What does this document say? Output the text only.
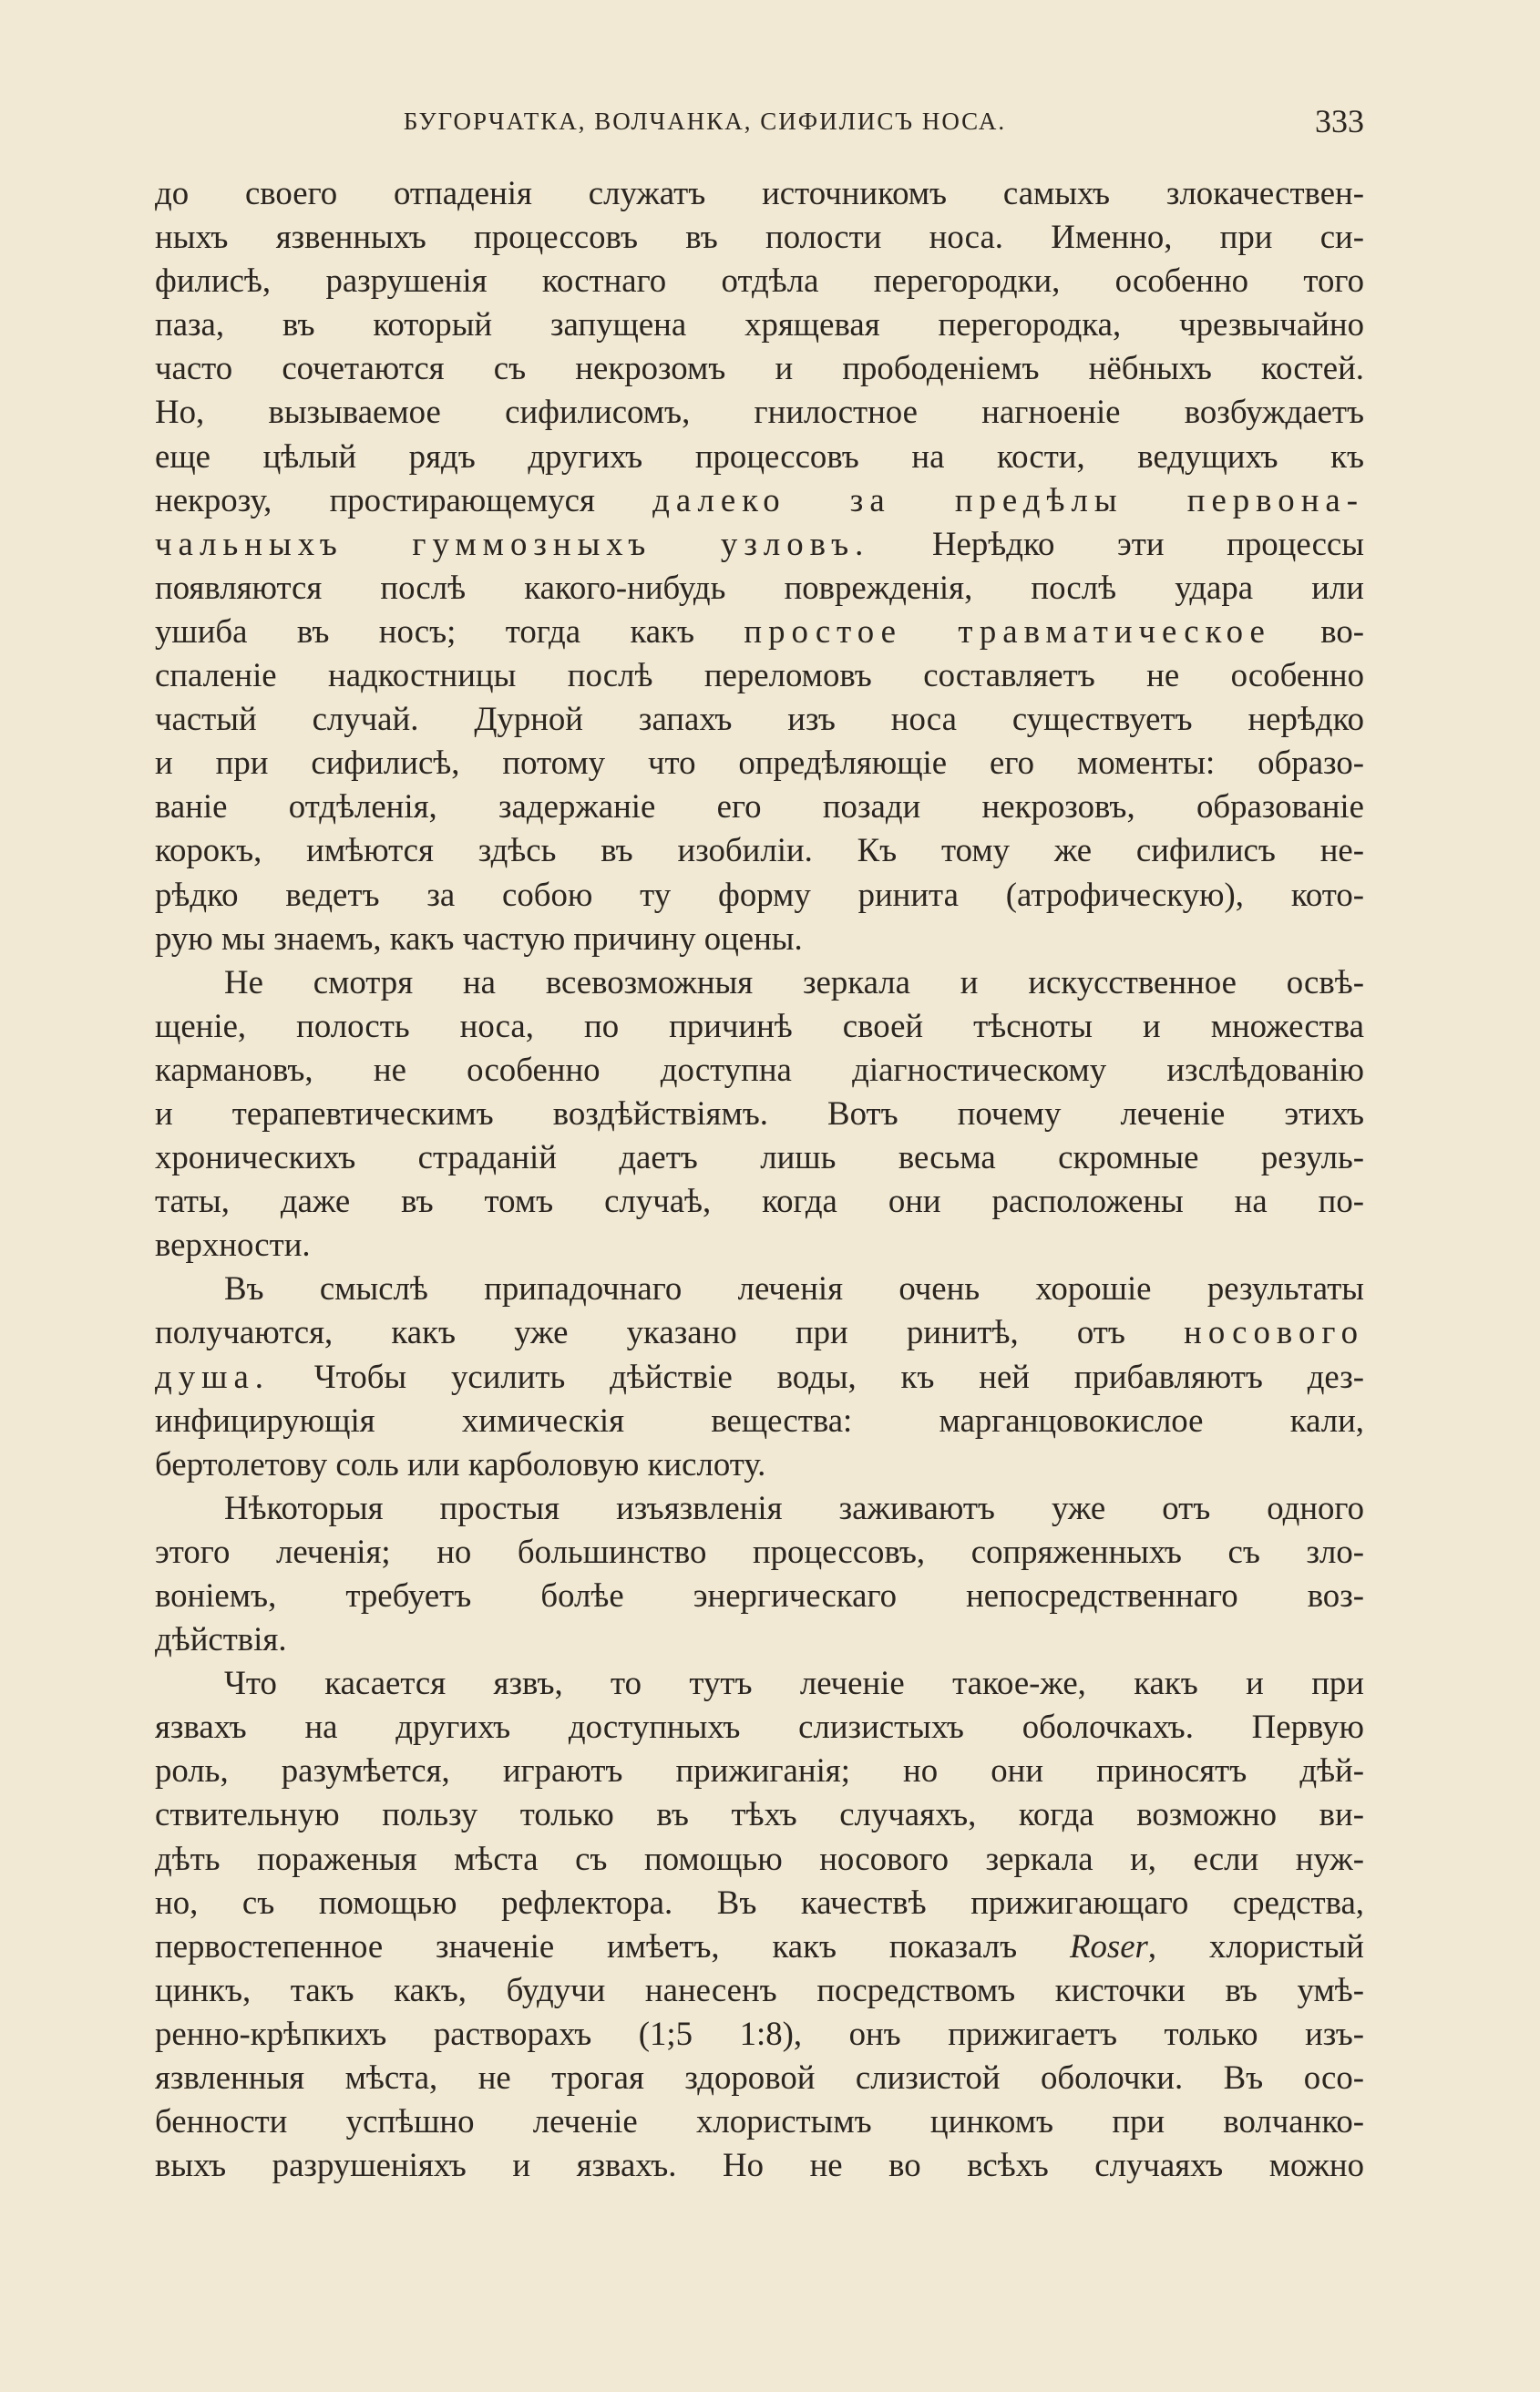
БУГОРЧАТКА, ВОЛЧАНКА, СИФИЛИСЪ НОСА.	333
до своего отпаденія служатъ источникомъ самыхъ злокачествен-
ныхъ язвенныхъ процессовъ въ полости носа. Именно, при си-
филисѣ, разрушенія костнаго отдѣла перегородки, особенно того
паза, въ который запущена хрящевая перегородка, чрезвычайно
часто сочетаются съ некрозомъ и прободеніемъ нёбныхъ костей.
Но, вызываемое сифилисомъ, гнилостное нагноеніе возбуждаетъ
еще цѣлый рядъ другихъ процессовъ на кости, ведущихъ къ
некрозу, простирающемуся далеко за предѣлы первона-
чальныхъ гуммозныхъ узловъ. Нерѣдко эти процессы
появляются послѣ какого-нибудь поврежденія, послѣ удара или
ушиба въ носъ; тогда какъ простое травматическое во-
спаленіе надкостницы послѣ переломовъ составляетъ не особенно
частый случай. Дурной запахъ изъ носа существуетъ нерѣдко
и при сифилисѣ, потому что опредѣляющіе его моменты: образо-
ваніе отдѣленія, задержаніе его позади некрозовъ, образованіе
корокъ, имѣются здѣсь въ изобиліи. Къ тому же сифилисъ не-
рѣдко ведетъ за собою ту форму ринита (атрофическую), кото-
рую мы знаемъ, какъ частую причину оцены.
Не смотря на всевозможныя зеркала и искусственное освѣ-
щеніе, полость носа, по причинѣ своей тѣсноты и множества
кармановъ, не особенно доступна діагностическому изслѣдованію
и терапевтическимъ воздѣйствіямъ. Вотъ почему леченіе этихъ
хроническихъ страданій даетъ лишь весьма скромные резуль-
таты, даже въ томъ случаѣ, когда они расположены на по-
верхности.
Въ смыслѣ припадочнаго леченія очень хорошіе результаты
получаются, какъ уже указано при ринитѣ, отъ носового
душа. Чтобы усилить дѣйствіе воды, къ ней прибавляютъ дез-
инфицирующія химическія вещества: марганцовокислое кали,
бертолетову соль или карболовую кислоту.
Нѣкоторыя простыя изъязвленія заживаютъ уже отъ одного
этого леченія; но большинство процессовъ, сопряженныхъ съ зло-
воніемъ, требуетъ болѣе энергическаго непосредственнаго воз-
дѣйствія.
Что касается язвъ, то тутъ леченіе такое-же, какъ и при
язвахъ на другихъ доступныхъ слизистыхъ оболочкахъ. Первую
роль, разумѣется, играютъ прижиганія; но они приносятъ дѣй-
ствительную пользу только въ тѣхъ случаяхъ, когда возможно ви-
дѣть пораженыя мѣста съ помощью носового зеркала и, если нуж-
но, съ помощью рефлектора. Въ качествѣ прижигающаго средства,
первостепенное значеніе имѣетъ, какъ показалъ Roser, хлористый
цинкъ, такъ какъ, будучи нанесенъ посредствомъ кисточки въ умѣ-
ренно-крѣпкихъ растворахъ (1;5 1:8), онъ прижигаетъ только изъ-
язвленныя мѣста, не трогая здоровой слизистой оболочки. Въ осо-
бенности успѣшно леченіе хлористымъ цинкомъ при волчанко-
выхъ разрушеніяхъ и язвахъ. Но не во всѣхъ случаяхъ можно
